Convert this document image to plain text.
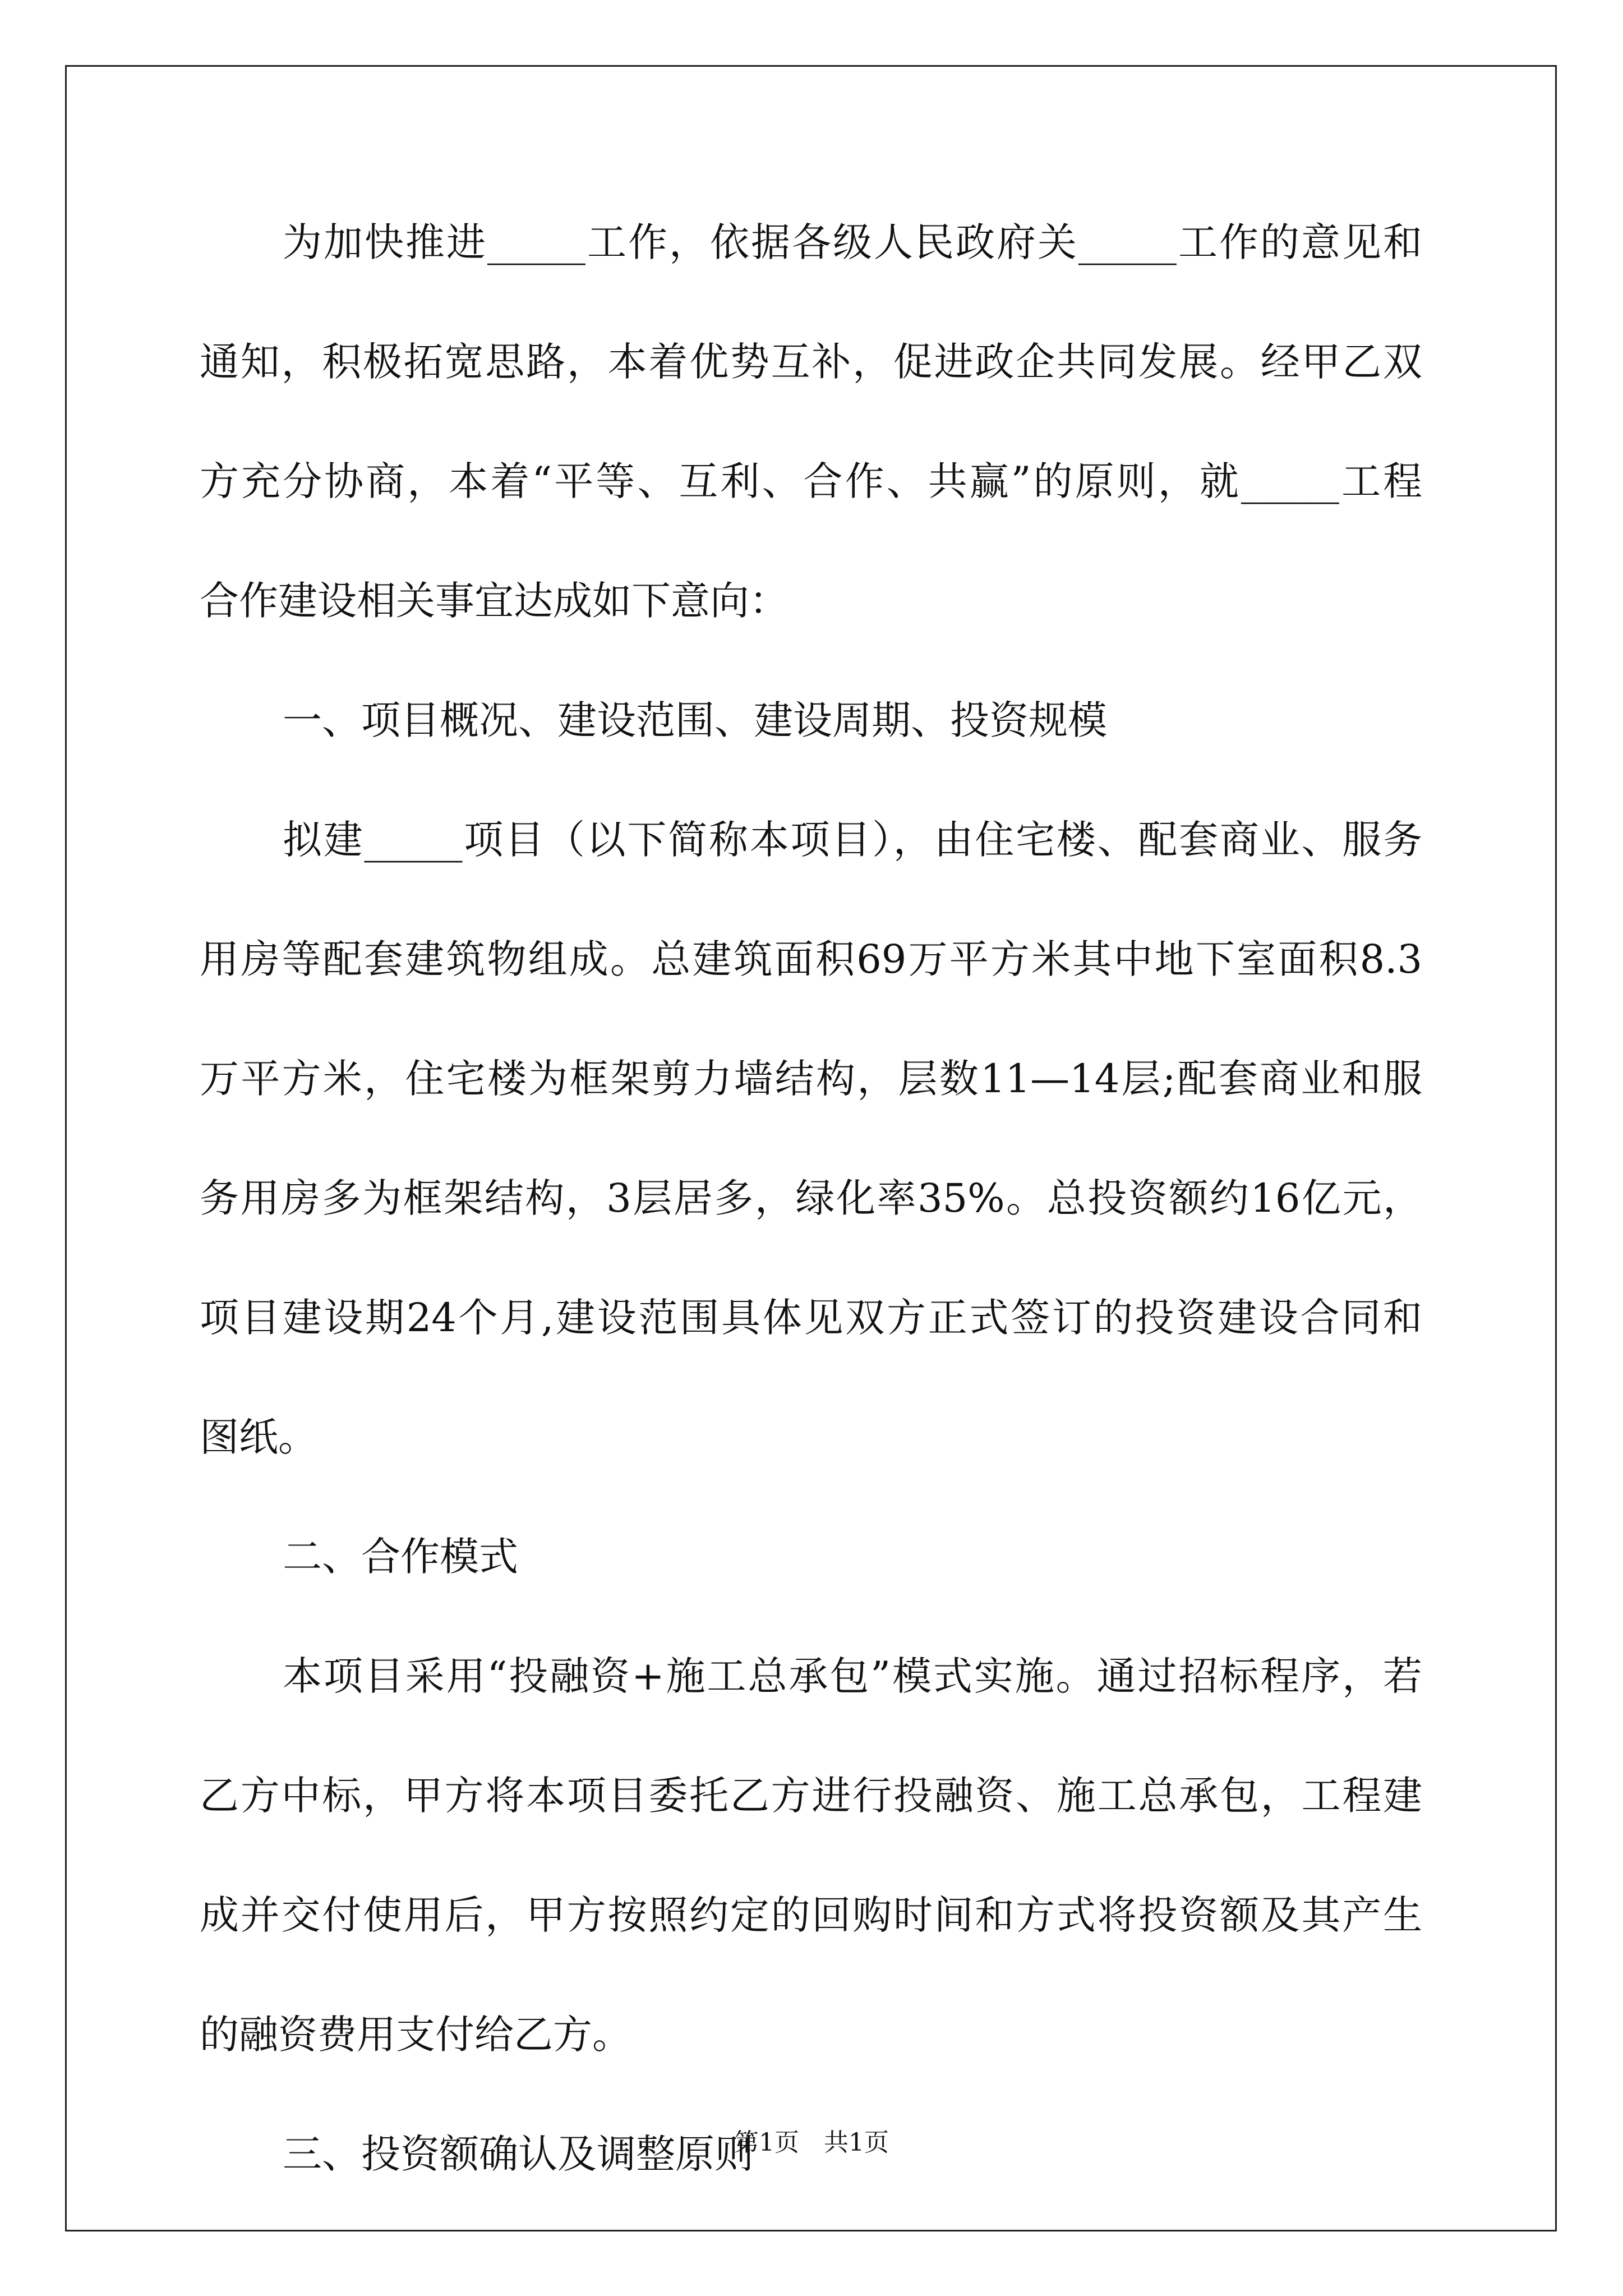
为加快推进_____工作，依据各级人民政府关_____工作的意见和
通知，积极拓宽思路，本着优势互补，促进政企共同发展。经甲乙双
方充分协商，本着“平等、互利、合作、共赢”的原则，就_____工程
合作建设相关事宜达成如下意向：
一、项目概况、建设范围、建设周期、投资规模
拟建_____项目（以下简称本项目），由住宅楼、配套商业、服务
用房等配套建筑物组成。总建筑面积69万平方米其中地下室面积8.3
万平方米，住宅楼为框架剪力墙结构，层数11—14层;配套商业和服
务用房多为框架结构，3层居多，绿化率35%。总投资额约16亿元，
项目建设期24个月,建设范围具体见双方正式签订的投资建设合同和
图纸。
二、合作模式
本项目采用“投融资+施工总承包”模式实施。通过招标程序，若
乙方中标，甲方将本项目委托乙方进行投融资、施工总承包，工程建
成并交付使用后，甲方按照约定的回购时间和方式将投资额及其产生
的融资费用支付给乙方。
三、投资额确认及调整原则
第1页　共1页
